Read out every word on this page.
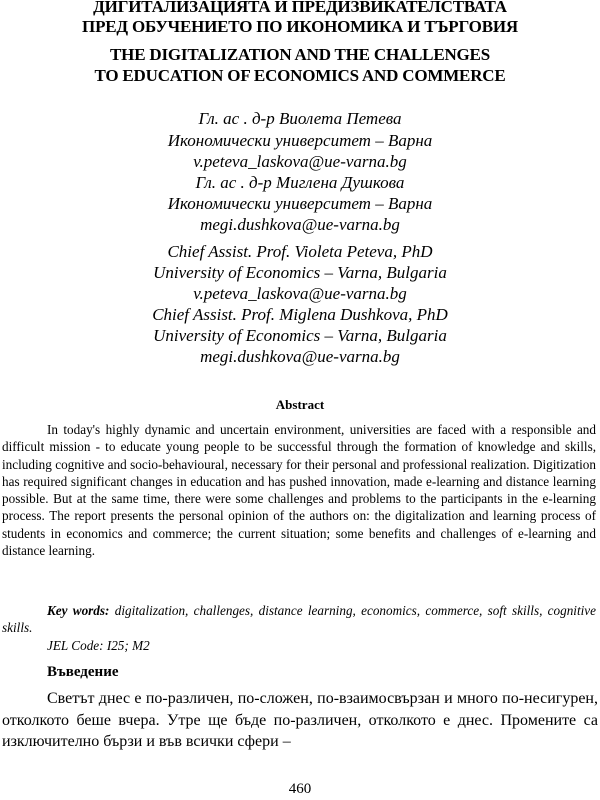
ДИГИТАЛИЗАЦИЯТА И ПРЕДИЗВИКАТЕЛСТВАТА
ПРЕД ОБУЧЕНИЕТО ПО ИКОНОМИКА И ТЪРГОВИЯ
THE DIGITALIZATION AND THE CHALLENGES
TO EDUCATION OF ECONOMICS AND COMMERCE
Гл. ас . д-р Виолета Петева
Икономически университет – Варна
v.peteva_laskova@ue-varna.bg
Гл. ас . д-р Миглена Душкова
Икономически университет – Варна
megi.dushkova@ue-varna.bg
Chief Assist. Prof. Violeta Peteva, PhD
University of Economics – Varna, Bulgaria
v.peteva_laskova@ue-varna.bg
Chief Assist. Prof. Miglena Dushkova, PhD
University of Economics – Varna, Bulgaria
megi.dushkova@ue-varna.bg
Abstract

In today's highly dynamic and uncertain environment, universities are faced with a responsible and difficult mission - to educate young people to be successful through the formation of knowledge and skills, including cognitive and socio-behavioural, necessary for their personal and professional realization. Digitization has required significant changes in education and has pushed innovation, made e-learning and distance learning possible. But at the same time, there were some challenges and problems to the participants in the e-learning process. The report presents the personal opinion of the authors on: the digitalization and learning process of students in economics and commerce; the current situation; some benefits and challenges of e-learning and distance learning.

Key words: digitalization, challenges, distance learning, economics, commerce, soft skills, cognitive skills.

JEL Code: I25; M2
Въведение

Светът днес е по-различен, по-сложен, по-взаимосвързан и много по-несигурен, отколкото беше вчера. Утре ще бъде по-различен, отколкото е днес. Промените са изключително бързи и във всички сфери –

460
